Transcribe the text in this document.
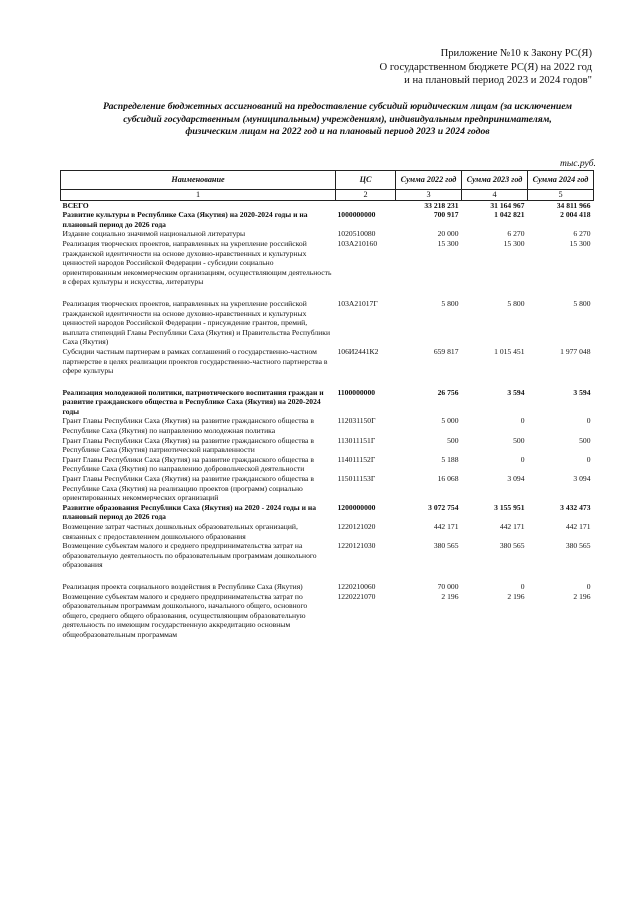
Приложение №10 к Закону РС(Я)
О государственном бюджете РС(Я) на 2022 год
и на плановый период 2023 и 2024 годов"
Распределение бюджетных ассигнований на предоставление субсидий юридическим лицам (за исключением
субсидий государственным (муниципальным) учреждениям), индивидуальным предпринимателям,
физическим лицам на 2022 год и на плановый период 2023 и 2024 годов
тыс.руб.
Наименование	ЦС	Сумма 2022 год	Сумма 2023 год	Сумма 2024 год
1	2	3	4	5
ВСЕГО		33 218 231	31 164 967	34 811 966
Развитие культуры в Республике Саха (Якутия) на 2020-2024 годы и на плановый период до 2026 года	1000000000	700 917	1 042 821	2 004 418
Издание социально значимой национальной литературы	1020510080	20 000	6 270	6 270
Реализация творческих проектов, направленных на укрепление российской гражданской идентичности на основе духовно-нравственных и культурных ценностей народов Российской Федерации - субсидии социально ориентированным некоммерческим организациям, осуществляющим деятельность в сферах культуры и искусства, литературы	103A210160	15 300	15 300	15 300
Реализация творческих проектов, направленных на укрепление российской гражданской идентичности на основе духовно-нравственных и культурных ценностей народов Российской Федерации - присуждение грантов, премий, выплата стипендий Главы Республики Саха (Якутия) и Правительства Республики Саха (Якутия)	103A21017Г	5 800	5 800	5 800
Субсидии частным партнерам в рамках соглашений о государственно-частном партнерстве в целях реализации проектов государственно-частного партнерства в сфере культуры	106И2441К2	659 817	1 015 451	1 977 048
Реализация молодежной политики, патриотического воспитания граждан и развитие гражданского общества в Республике Саха (Якутия) на 2020-2024 годы	1100000000	26 756	3 594	3 594
Грант Главы Республики Саха (Якутия) на развитие гражданского общества в Республике Саха (Якутия) по направлению молодежная политика	112031150Г	5 000	0	0
Грант Главы Республики Саха (Якутия) на развитие гражданского общества в Республике Саха (Якутия) патриотической направленности	113011151Г	500	500	500
Грант Главы Республики Саха (Якутия) на развитие гражданского общества в Республике Саха (Якутия) по направлению добровольческой деятельности	114011152Г	5 188	0	0
Грант Главы Республики Саха (Якутия) на развитие гражданского общества в Республике Саха (Якутия) на реализацию проектов (программ) социально ориентированных некоммерческих организаций	115011153Г	16 068	3 094	3 094
Развитие образования Республики Саха (Якутия) на 2020 - 2024 годы и на плановый период до 2026 года	1200000000	3 072 754	3 155 951	3 432 473
Возмещение затрат частных дошкольных образовательных организаций, связанных с предоставлением дошкольного образования	1220121020	442 171	442 171	442 171
Возмещение субъектам малого и среднего предпринимательства затрат на образовательную деятельность по образовательным программам дошкольного образования	1220121030	380 565	380 565	380 565
Реализация проекта социального воздействия в Республике Саха (Якутия)	1220210060	70 000	0	0
Возмещение субъектам малого и среднего предпринимательства затрат по образовательным программам дошкольного, начального общего, основного общего, среднего общего образования, осуществляющим образовательную деятельность по имеющим государственную аккредитацию основным общеобразовательным программам	1220221070	2 196	2 196	2 196
